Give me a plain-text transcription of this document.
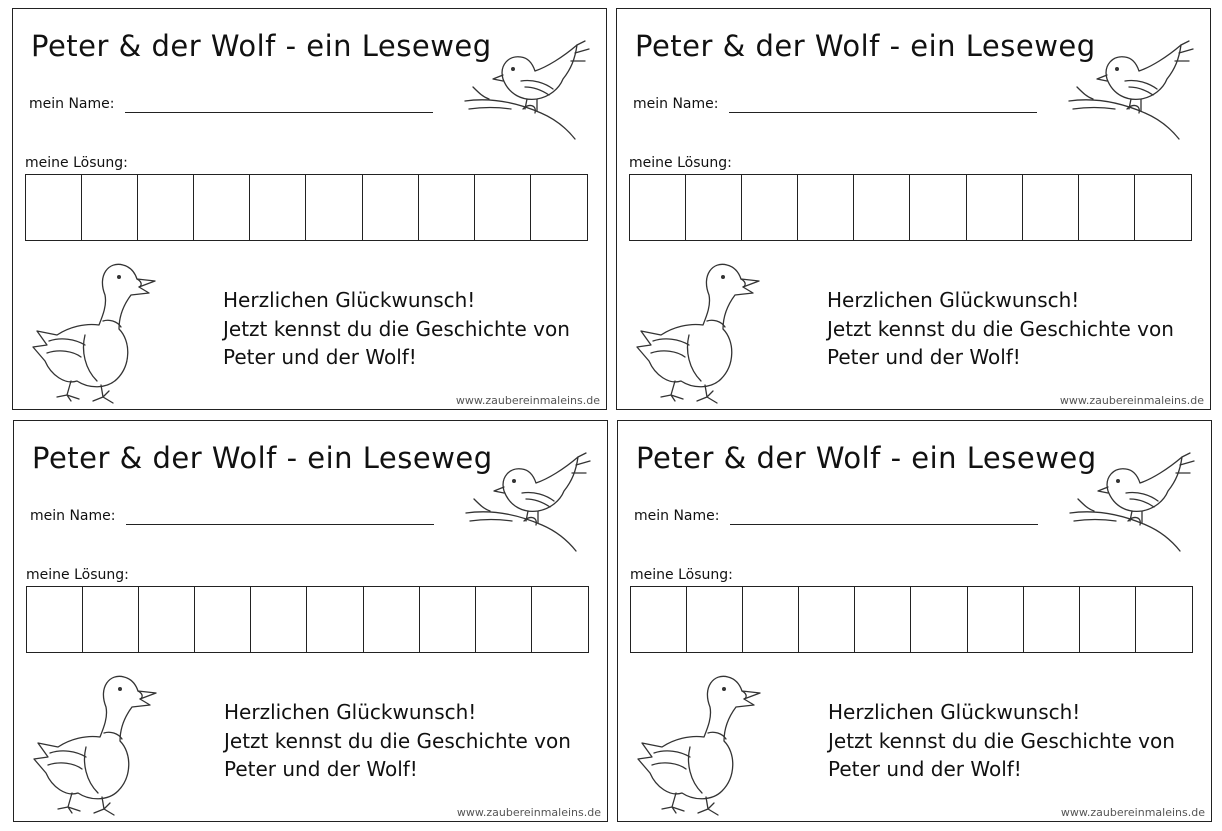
Peter & der Wolf - ein Leseweg
mein Name:
meine Lösung:
Herzlichen Glückwunsch!
Jetzt kennst du die Geschichte von
Peter und der Wolf!
www.zaubereinmaleins.de
Peter & der Wolf - ein Leseweg
mein Name:
meine Lösung:
Herzlichen Glückwunsch!
Jetzt kennst du die Geschichte von
Peter und der Wolf!
www.zaubereinmaleins.de
Peter & der Wolf - ein Leseweg
mein Name:
meine Lösung:
Herzlichen Glückwunsch!
Jetzt kennst du die Geschichte von
Peter und der Wolf!
www.zaubereinmaleins.de
Peter & der Wolf - ein Leseweg
mein Name:
meine Lösung:
Herzlichen Glückwunsch!
Jetzt kennst du die Geschichte von
Peter und der Wolf!
www.zaubereinmaleins.de
